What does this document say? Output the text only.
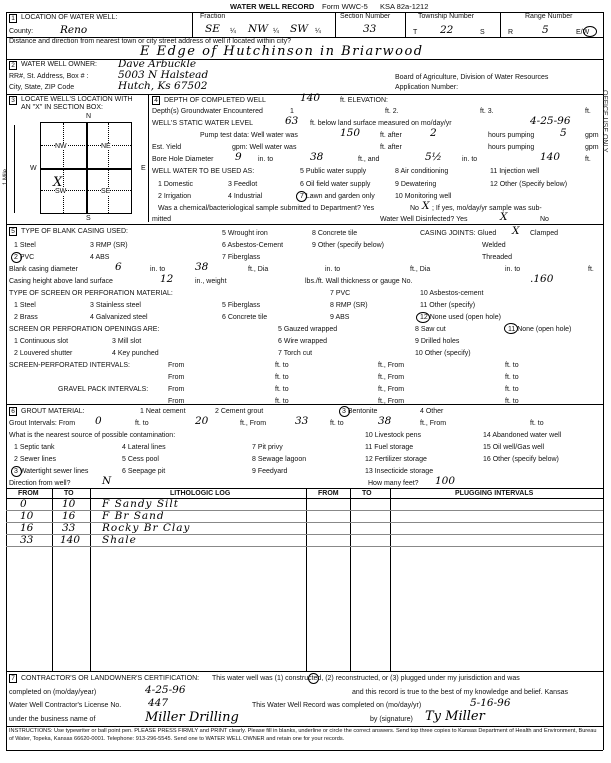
WATER WELL RECORD Form WWC-5 KSA 82a-1212
1 LOCATION OF WATER WELL:	Fraction	Section Number	Township Number	Range Number
County:	Reno	SE ¼ NW ¼ SW ¼	33	T 22	S	R	5	E/W
Distance and direction from nearest town or city street address of well if located within city?
E Edge of Hutchinson in Briarwood
2 WATER WELL OWNER: Dave Arbuckle
RR#, St. Address, Box # :	5003 N Halstead
City, State, ZIP Code	Hutch, Ks 67502
Board of Agriculture, Division of Water Resources
Application Number:
3 LOCATE WELL'S LOCATION WITH AN "X" IN SECTION BOX:
N
S
W	E
1 Mile
NW	NE
SW	SE
X
4 DEPTH OF COMPLETED WELL	140	ft. ELEVATION:
Depth(s) Groundwater Encountered	1	ft. 2.	ft. 3.	ft.
WELL'S STATIC WATER LEVEL	63 ft. below land surface measured on mo/day/yr	4-25-96
Pump test data: Well water was	150	ft. after	2	hours pumping 5	gpm
Est. Yield	gpm: Well water was	ft. after	hours pumping	gpm
Bore Hole Diameter 9 in. to	38	ft., and	5½	in. to	140	ft.
WELL WATER TO BE USED AS:	5 Public water supply	8 Air conditioning	11 Injection well
1 Domestic	3 Feedlot	6 Oil field water supply	9 Dewatering	12 Other (Specify below)
2 Irrigation	4 Industrial	7 Lawn and garden only	10 Monitoring well
Was a chemical/bacteriological sample submitted to Department? Yes	No X ; If yes, mo/day/yr sample was sub-
mitted	Water Well Disinfected? Yes	X	No
5 TYPE OF BLANK CASING USED:	5 Wrought iron	8 Concrete tile	CASING JOINTS: Glued X Clamped
1 Steel	3 RMP (SR)	6 Asbestos-Cement	9 Other (specify below)	Welded
2 PVC	4 ABS	7 Fiberglass	Threaded
Blank casing diameter	6	in. to	38	ft., Dia	in. to	ft., Dia	in. to	ft.
Casing height above land surface	12	in., weight	lbs./ft. Wall thickness or gauge No.	.160
TYPE OF SCREEN OR PERFORATION MATERIAL:	7 PVC	10 Asbestos-cement
1 Steel	3 Stainless steel	5 Fiberglass	8 RMP (SR)	11 Other (specify)
2 Brass	4 Galvanized steel	6 Concrete tile	9 ABS	12 None used (open hole)
SCREEN OR PERFORATION OPENINGS ARE:	5 Gauzed wrapped	8 Saw cut	11 None (open hole)
1 Continuous slot	3 Mill slot	6 Wire wrapped	9 Drilled holes
2 Louvered shutter	4 Key punched	7 Torch cut	10 Other (specify)
SCREEN-PERFORATED INTERVALS:	From	ft. to	ft., From	ft. to
From	ft. to	ft., From	ft. to
GRAVEL PACK INTERVALS:	From	ft. to	ft., From	ft. to
From	ft. to	ft., From	ft. to
6 GROUT MATERIAL:	1 Neat cement	2 Cement grout	3 Bentonite	4 Other
Grout Intervals: From 0	ft. to	20	ft., From	33	ft. to	38	ft., From	ft. to
What is the nearest source of possible contamination:	10 Livestock pens	14 Abandoned water well
1 Septic tank	4 Lateral lines	7 Pit privy	11 Fuel storage	15 Oil well/Gas well
2 Sewer lines	5 Cess pool	8 Sewage lagoon	12 Fertilizer storage	16 Other (specify below)
3 Watertight sewer lines	6 Seepage pit	9 Feedyard	13 Insecticide storage
Direction from well?	N	How many feet? 100
FROM	TO	LITHOLOGIC LOG	FROM	TO	PLUGGING INTERVALS
0	10	F Sandy Silt
10	16	F Br Sand
16	33	Rocky Br Clay
33	140 Shale
7 CONTRACTOR'S OR LANDOWNER'S CERTIFICATION: This water well was (1) constructed, (2) reconstructed, or (3) plugged under my jurisdiction and was
completed on (mo/day/year)	4-25-96	and this record is true to the best of my knowledge and belief. Kansas
Water Well Contractor's License No.	447	This Water Well Record was completed on (mo/day/yr)	5-16-96
under the business name of	Miller Drilling	by (signature) Ty Miller
INSTRUCTIONS: Use typewriter or ball point pen. PLEASE PRESS FIRMLY and PRINT clearly. Please fill in blanks, underline or circle the correct answers. Send top three copies to Kansas Department of Health and Environment, Bureau of Water, Topeka, Kansas 66620-0001. Telephone: 913-296-5545. Send one to WATER WELL OWNER and retain one for your records.
OFFICE USE ONLY
